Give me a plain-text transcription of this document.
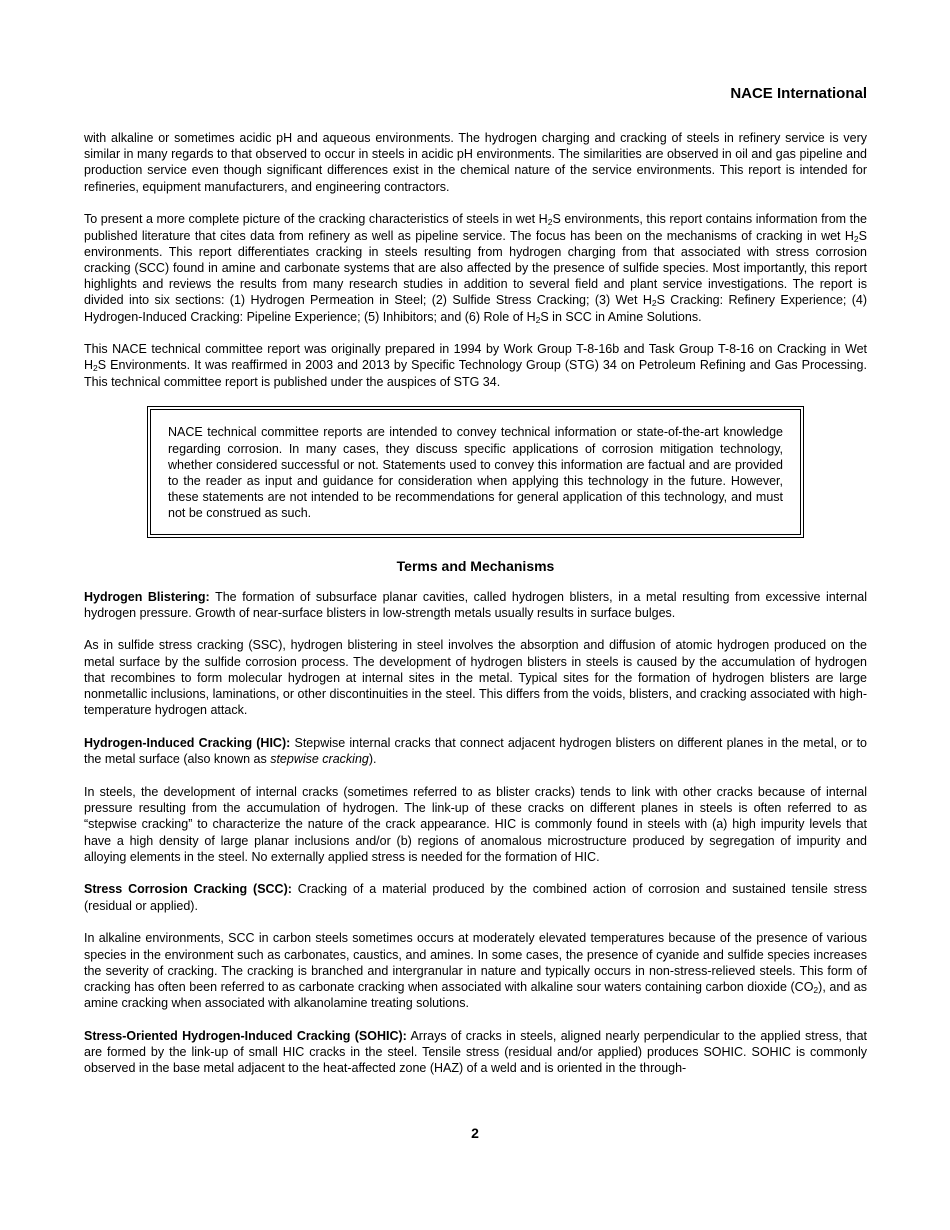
NACE International

with alkaline or sometimes acidic pH and aqueous environments. The hydrogen charging and cracking of steels in refinery service is very similar in many regards to that observed to occur in steels in acidic pH environments. The similarities are observed in oil and gas pipeline and production service even though significant differences exist in the chemical nature of the service environments. This report is intended for refineries, equipment manufacturers, and engineering contractors.

To present a more complete picture of the cracking characteristics of steels in wet $H_2S$ environments, this report contains information from the published literature that cites data from refinery as well as pipeline service. The focus has been on the mechanisms of cracking in wet $H_2S$ environments. This report differentiates cracking in steels resulting from hydrogen charging from that associated with stress corrosion cracking (SCC) found in amine and carbonate systems that are also affected by the presence of sulfide species. Most importantly, this report highlights and reviews the results from many research studies in addition to several field and plant service investigations. The report is divided into six sections: (1) Hydrogen Permeation in Steel; (2) Sulfide Stress Cracking; (3) Wet $H_2S$ Cracking: Refinery Experience; (4) Hydrogen-Induced Cracking: Pipeline Experience; (5) Inhibitors; and (6) Role of $H_2S$ in SCC in Amine Solutions.

This NACE technical committee report was originally prepared in 1994 by Work Group T-8-16b and Task Group T-8-16 on Cracking in Wet $H_2S$ Environments. It was reaffirmed in 2003 and 2013 by Specific Technology Group (STG) 34 on Petroleum Refining and Gas Processing. This technical committee report is published under the auspices of STG 34.

NACE technical committee reports are intended to convey technical information or state-of-the-art knowledge regarding corrosion. In many cases, they discuss specific applications of corrosion mitigation technology, whether considered successful or not. Statements used to convey this information are factual and are provided to the reader as input and guidance for consideration when applying this technology in the future. However, these statements are not intended to be recommendations for general application of this technology, and must not be construed as such.

Terms and Mechanisms

Hydrogen Blistering: The formation of subsurface planar cavities, called hydrogen blisters, in a metal resulting from excessive internal hydrogen pressure. Growth of near-surface blisters in low-strength metals usually results in surface bulges.

As in sulfide stress cracking (SSC), hydrogen blistering in steel involves the absorption and diffusion of atomic hydrogen produced on the metal surface by the sulfide corrosion process. The development of hydrogen blisters in steels is caused by the accumulation of hydrogen that recombines to form molecular hydrogen at internal sites in the metal. Typical sites for the formation of hydrogen blisters are large nonmetallic inclusions, laminations, or other discontinuities in the steel. This differs from the voids, blisters, and cracking associated with high-temperature hydrogen attack.

Hydrogen-Induced Cracking (HIC): Stepwise internal cracks that connect adjacent hydrogen blisters on different planes in the metal, or to the metal surface (also known as stepwise cracking).

In steels, the development of internal cracks (sometimes referred to as blister cracks) tends to link with other cracks because of internal pressure resulting from the accumulation of hydrogen. The link-up of these cracks on different planes in steels is often referred to as “stepwise cracking” to characterize the nature of the crack appearance. HIC is commonly found in steels with (a) high impurity levels that have a high density of large planar inclusions and/or (b) regions of anomalous microstructure produced by segregation of impurity and alloying elements in the steel. No externally applied stress is needed for the formation of HIC.

Stress Corrosion Cracking (SCC): Cracking of a material produced by the combined action of corrosion and sustained tensile stress (residual or applied).

In alkaline environments, SCC in carbon steels sometimes occurs at moderately elevated temperatures because of the presence of various species in the environment such as carbonates, caustics, and amines. In some cases, the presence of cyanide and sulfide species increases the severity of cracking. The cracking is branched and intergranular in nature and typically occurs in non-stress-relieved steels. This form of cracking has often been referred to as carbonate cracking when associated with alkaline sour waters containing carbon dioxide $(CO_2)$, and as amine cracking when associated with alkanolamine treating solutions.

Stress-Oriented Hydrogen-Induced Cracking (SOHIC): Arrays of cracks in steels, aligned nearly perpendicular to the applied stress, that are formed by the link-up of small HIC cracks in the steel. Tensile stress (residual and/or applied) produces SOHIC. SOHIC is commonly observed in the base metal adjacent to the heat-affected zone (HAZ) of a weld and is oriented in the through-

2
